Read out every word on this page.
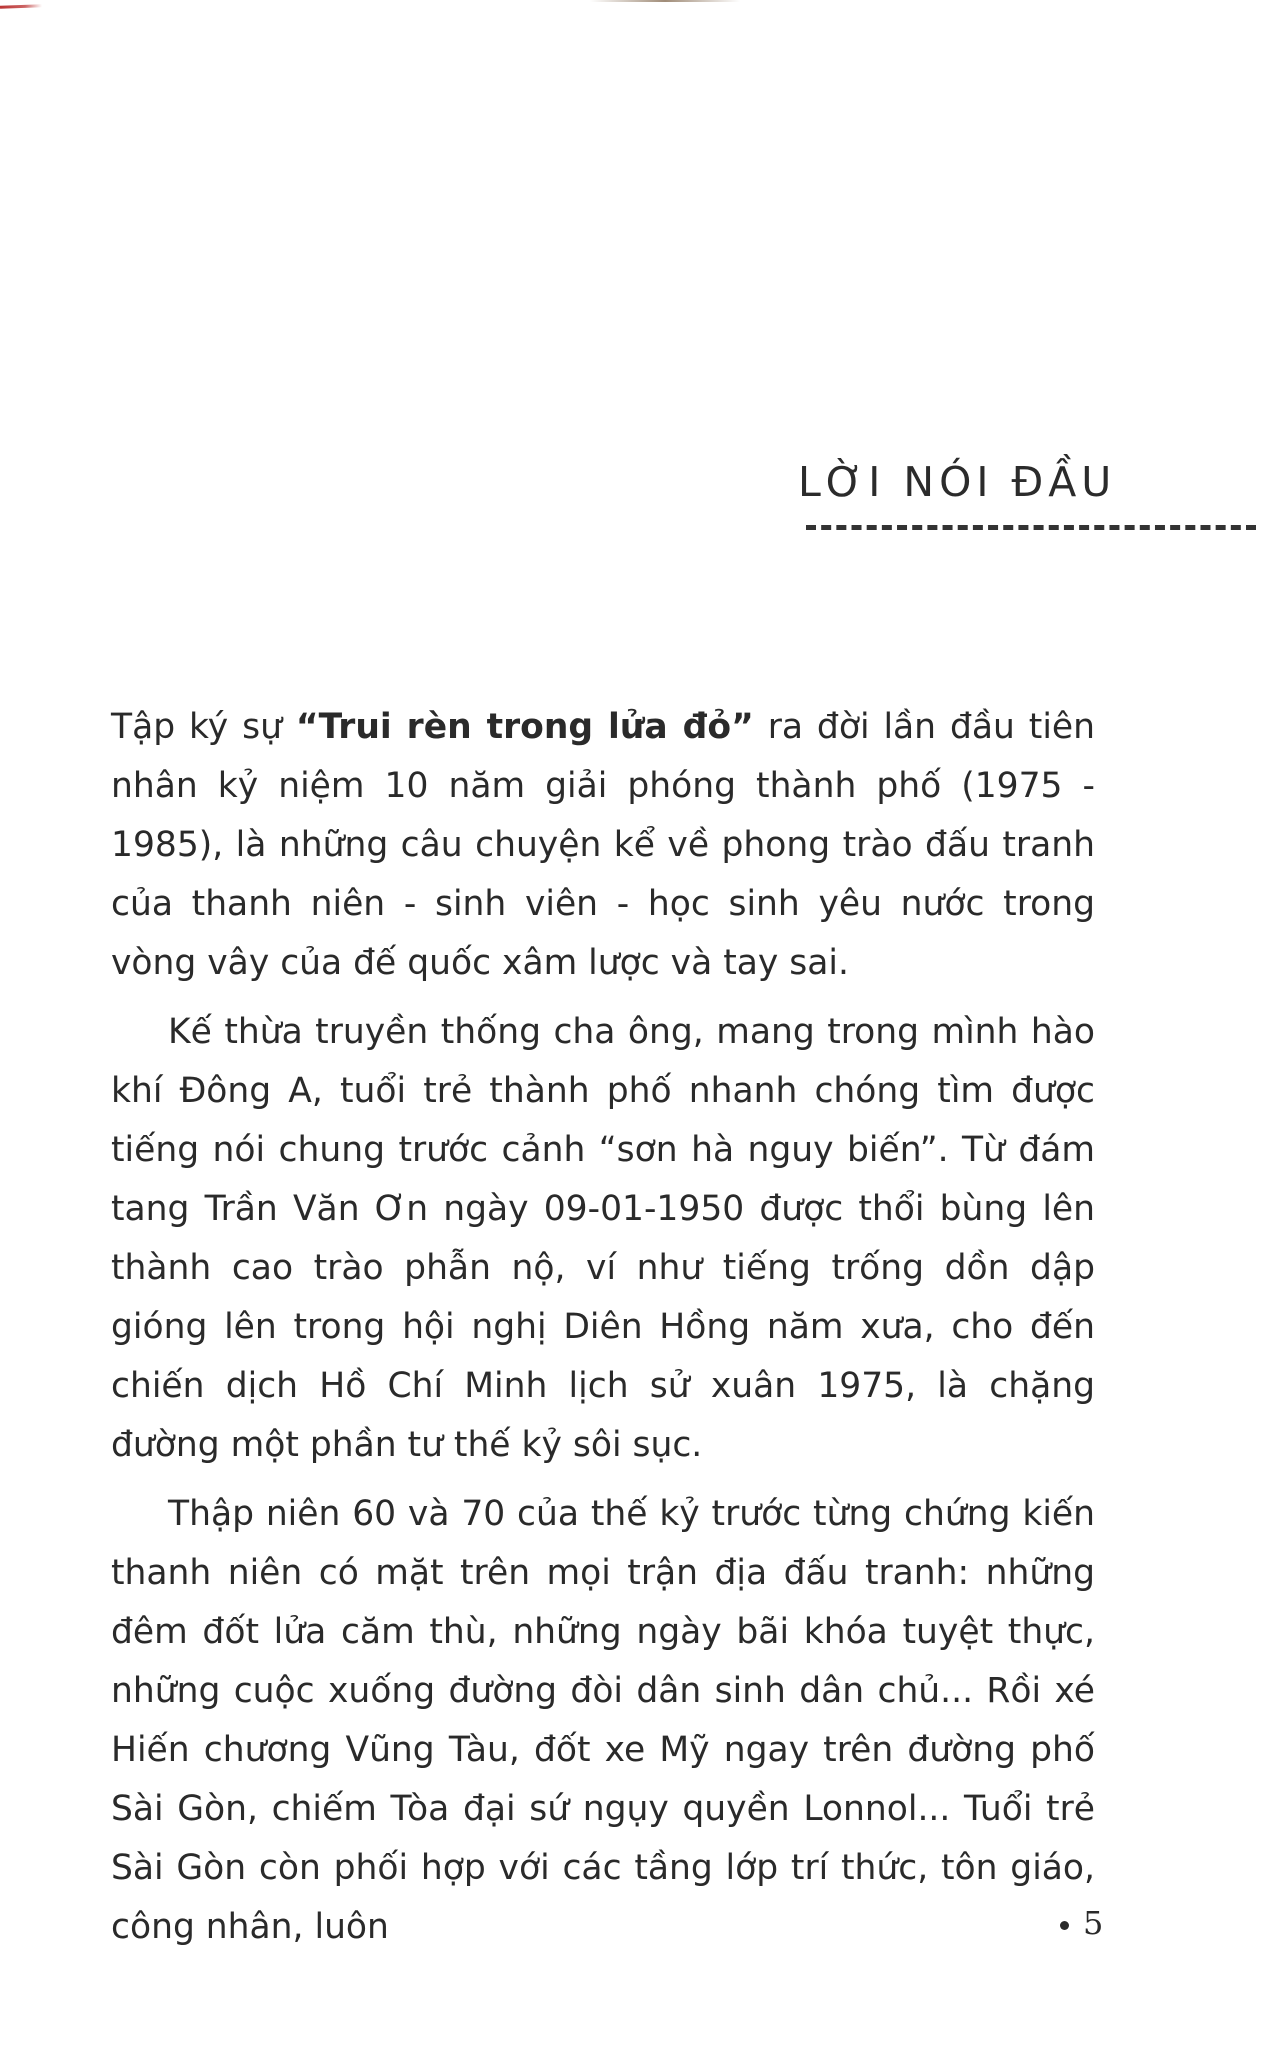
LỜI NÓI ĐẦU

Tập ký sự “Trui rèn trong lửa đỏ” ra đời lần đầu tiên nhân kỷ niệm 10 năm giải phóng thành phố (1975 - 1985), là những câu chuyện kể về phong trào đấu tranh của thanh niên - sinh viên - học sinh yêu nước trong vòng vây của đế quốc xâm lược và tay sai.

Kế thừa truyền thống cha ông, mang trong mình hào khí Đông A, tuổi trẻ thành phố nhanh chóng tìm được tiếng nói chung trước cảnh “sơn hà nguy biến”. Từ đám tang Trần Văn Ơn ngày 09-01-1950 được thổi bùng lên thành cao trào phẫn nộ, ví như tiếng trống dồn dập gióng lên trong hội nghị Diên Hồng năm xưa, cho đến chiến dịch Hồ Chí Minh lịch sử xuân 1975, là chặng đường một phần tư thế kỷ sôi sục.

Thập niên 60 và 70 của thế kỷ trước từng chứng kiến thanh niên có mặt trên mọi trận địa đấu tranh: những đêm đốt lửa căm thù, những ngày bãi khóa tuyệt thực, những cuộc xuống đường đòi dân sinh dân chủ... Rồi xé Hiến chương Vũng Tàu, đốt xe Mỹ ngay trên đường phố Sài Gòn, chiếm Tòa đại sứ ngụy quyền Lonnol... Tuổi trẻ Sài Gòn còn phối hợp với các tầng lớp trí thức, tôn giáo, công nhân, luôn	5
